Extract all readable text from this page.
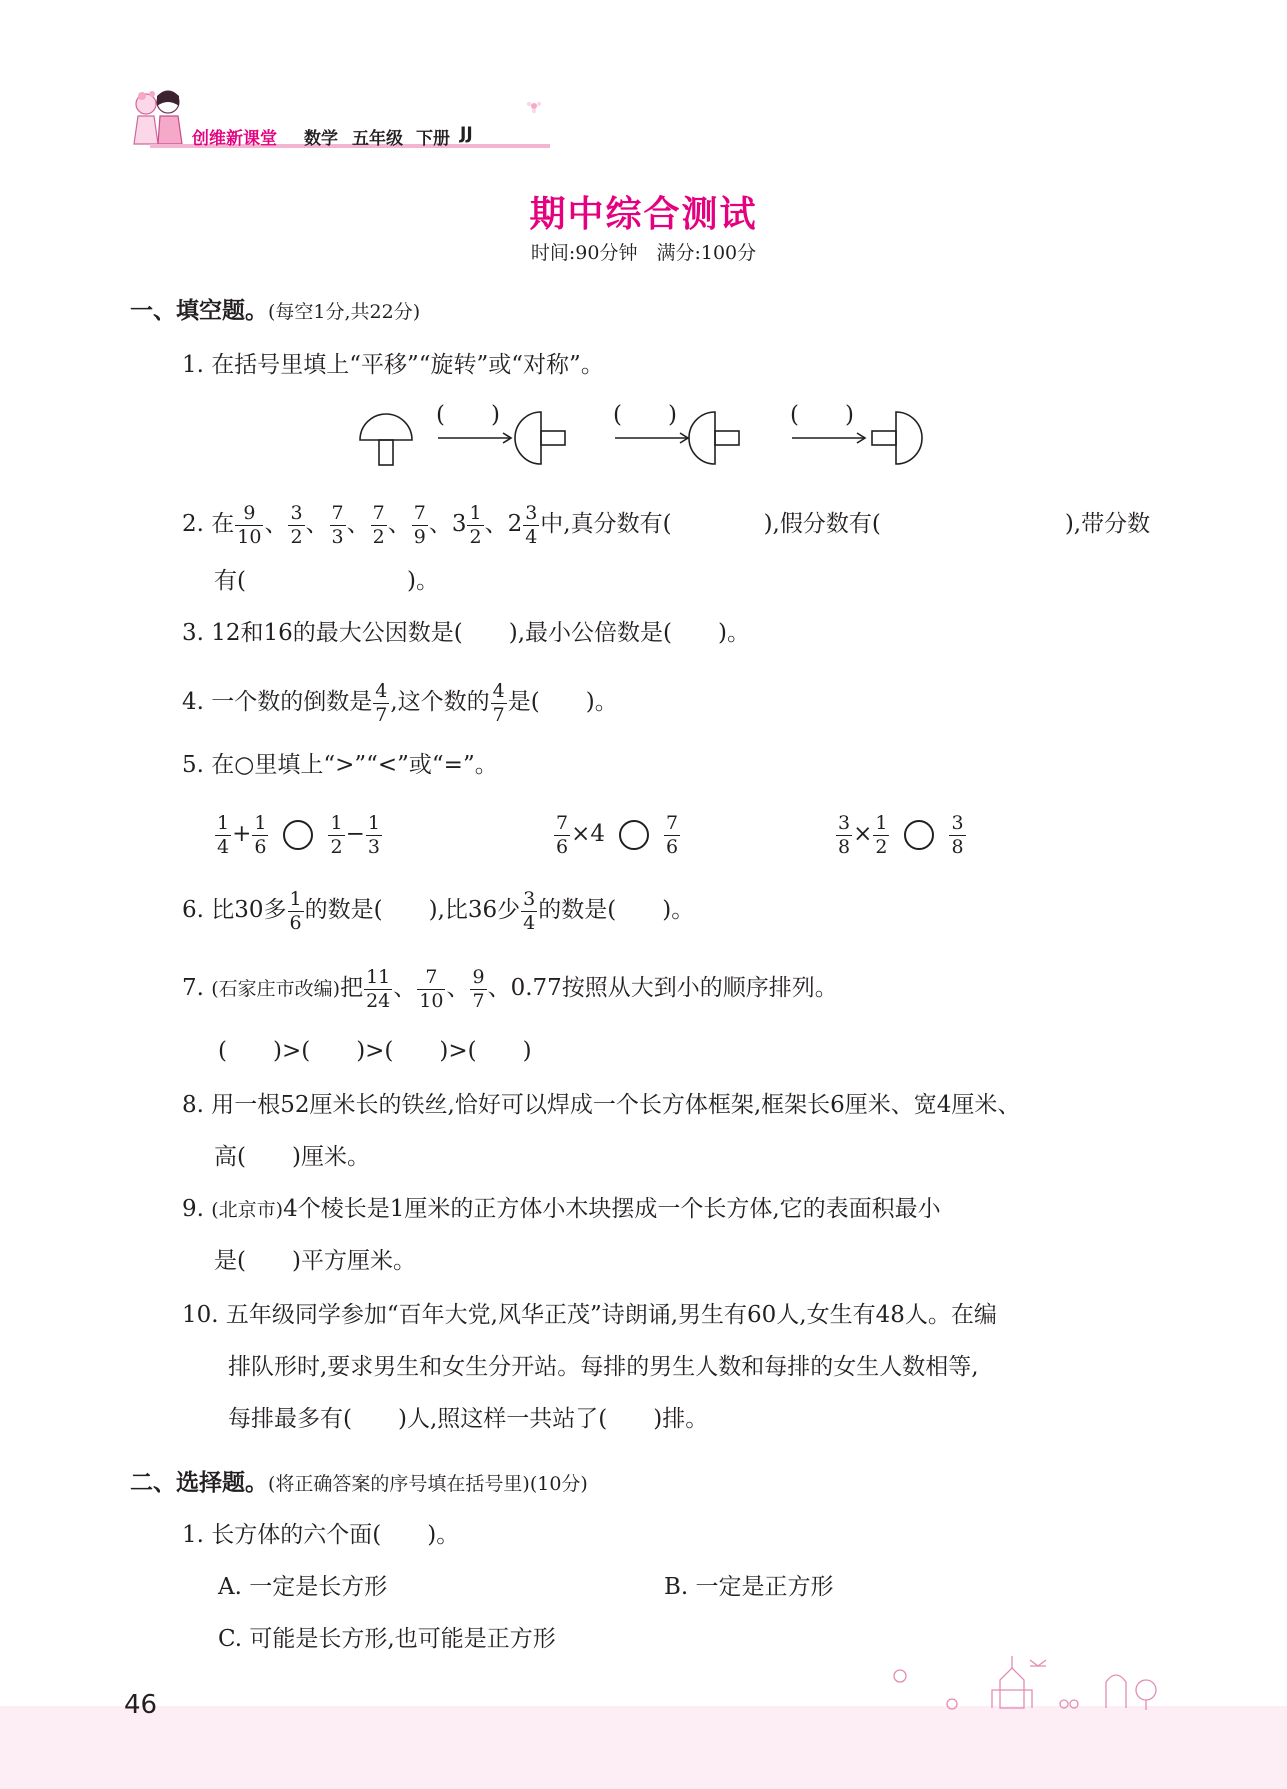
创维新课堂 数学 五年级 下册 JJ
期中综合测试
时间:90分钟　满分:100分
一、填空题。(每空1分,共22分)
1. 在括号里填上“平移”“旋转”或“对称”。
(　　)	(　　)	(　　)
2. 在 $\frac{9}{10}$ 、 $\frac{3}{2}$ 、 $\frac{7}{3}$ 、 $\frac{7}{2}$ 、 $\frac{7}{9}$ 、$3 \frac{1}{2}$ 、$2 \frac{3}{4}$ 中,真分数有(　　　　),假分数有(　　　　　　　　),带分数
有(　　　　　　　)。
3. 12和16的最大公因数是(　　),最小公倍数是(　　)。
4. 一个数的倒数是 $\frac{4}{7}$ ,这个数的 $\frac{4}{7}$ 是(　　)。
5. 在○里填上“>”“<”或“=”。
$\frac{1}{4} + \frac{1}{6}$	$\frac{1}{2} - \frac{1}{3}$	$\frac{7}{6} \times 4$	$\frac{7}{6}$	$\frac{3}{8} \times \frac{1}{2}$	$\frac{3}{8}$
6. 比30多 $\frac{1}{6}$ 的数是(　　),比36少 $\frac{3}{4}$ 的数是(　　)。
7. (石家庄市改编)把 $\frac{11}{24}$ 、 $\frac{7}{10}$ 、 $\frac{9}{7}$ 、0.77按照从大到小的顺序排列。
(　　)>(　　)>(　　)>(　　)
8. 用一根52厘米长的铁丝,恰好可以焊成一个长方体框架,框架长6厘米、宽4厘米、
高(　　)厘米。
9. (北京市)4个棱长是1厘米的正方体小木块摆成一个长方体,它的表面积最小
是(　　)平方厘米。
10. 五年级同学参加“百年大党,风华正茂”诗朗诵,男生有60人,女生有48人。在编
排队形时,要求男生和女生分开站。每排的男生人数和每排的女生人数相等,
每排最多有(　　)人,照这样一共站了(　　)排。
二、选择题。(将正确答案的序号填在括号里)(10分)
1. 长方体的六个面(　　)。
A. 一定是长方形	B. 一定是正方形
C. 可能是长方形,也可能是正方形
46
